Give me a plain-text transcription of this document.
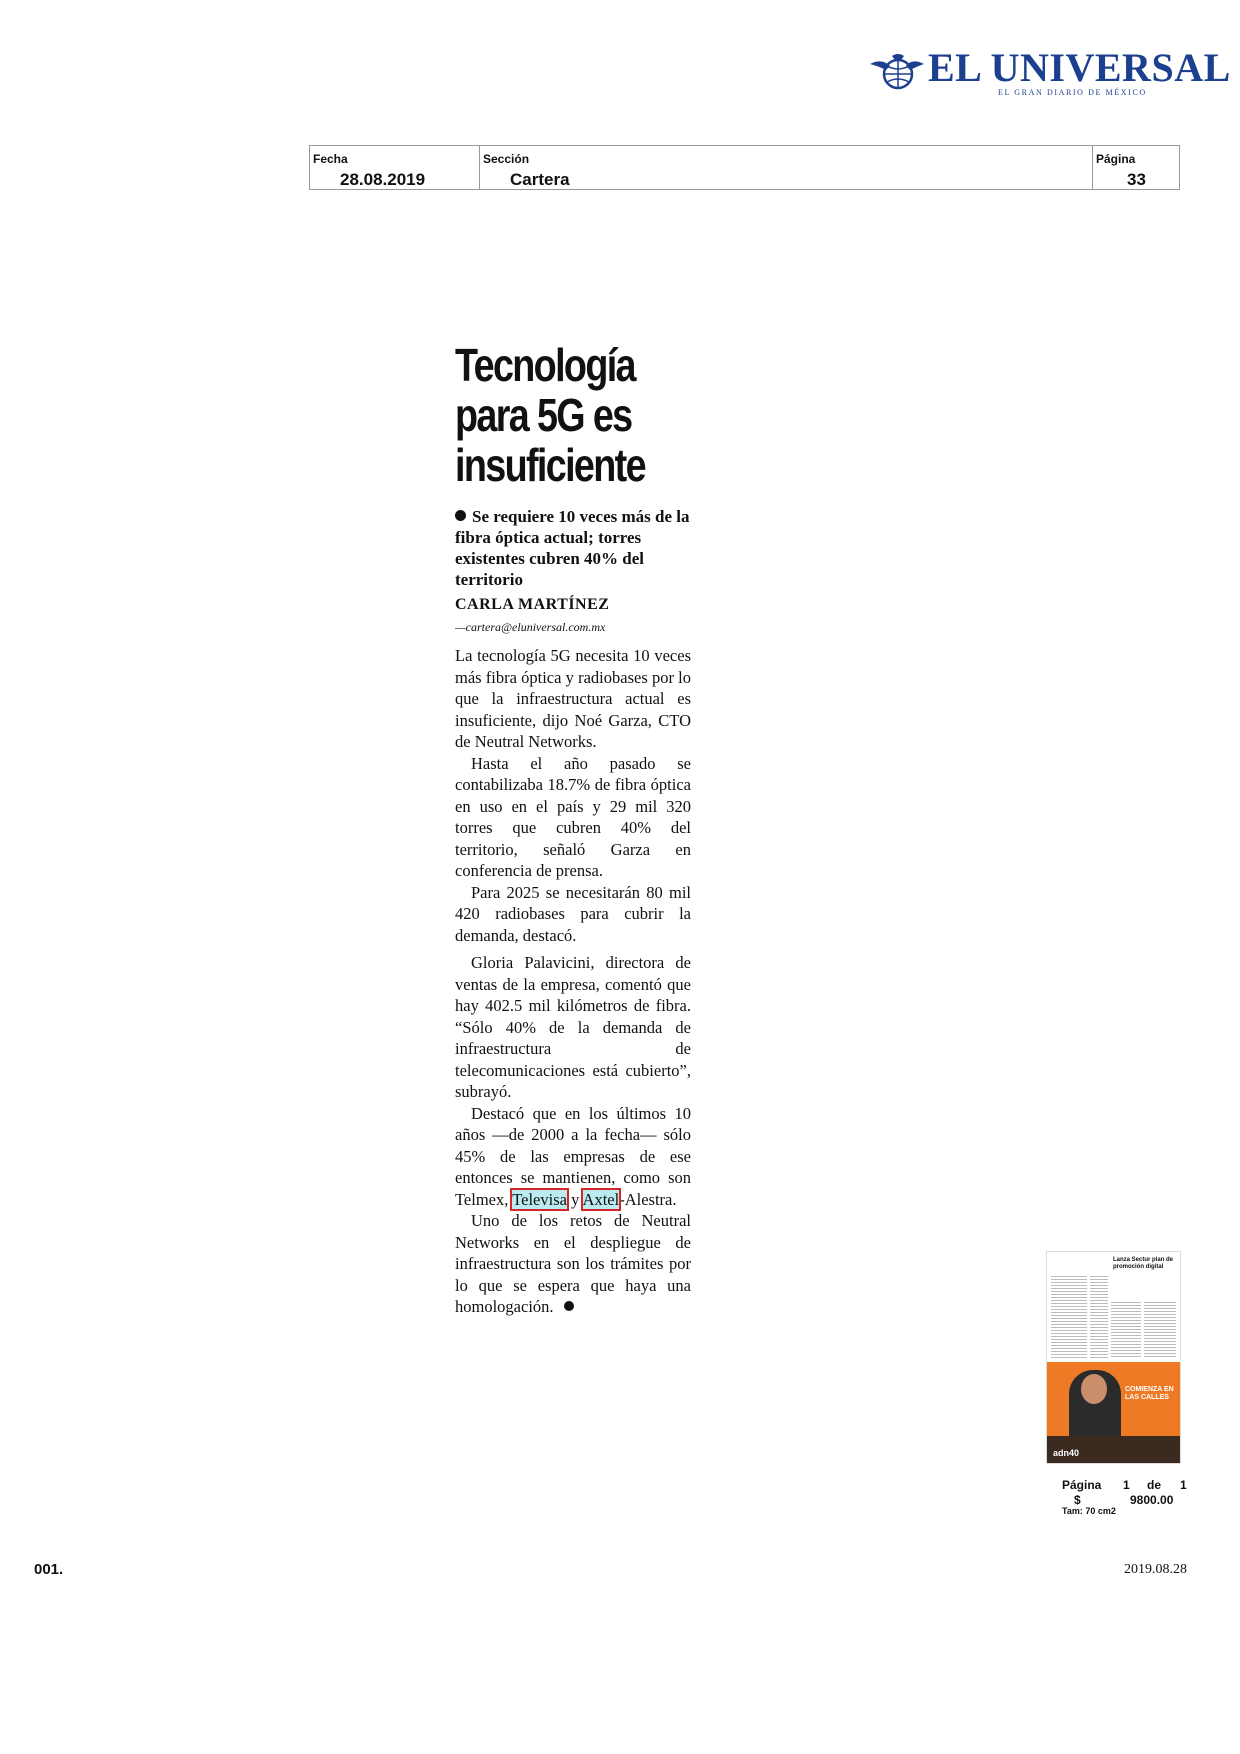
EL UNIVERSAL
EL GRAN DIARIO DE MÉXICO
Fecha
28.08.2019
Sección
Cartera
Página
33
Tecnología
para 5G es
insuficiente
Se requiere 10 veces más de la fibra óptica actual; torres existentes cubren 40% del territorio
CARLA MARTÍNEZ
—cartera@eluniversal.com.mx

La tecnología 5G necesita 10 veces más fibra óptica y radiobases por lo que la infraestructura actual es insuficiente, dijo Noé Garza, CTO de Neutral Networks.

Hasta el año pasado se contabilizaba 18.7% de fibra óptica en uso en el país y 29 mil 320 torres que cubren 40% del territorio, señaló Garza en conferencia de prensa.

Para 2025 se necesitarán 80 mil 420 radiobases para cubrir la demanda, destacó.

Gloria Palavicini, directora de ventas de la empresa, comentó que hay 402.5 mil kilómetros de fibra. “Sólo 40% de la demanda de infraestructura de telecomunicaciones está cubierto”, subrayó.

Destacó que en los últimos 10 años —de 2000 a la fecha— sólo 45% de las empresas de ese entonces se mantienen, como son Telmex, Televisa y Axtel-Alestra.

Uno de los retos de Neutral Networks en el despliegue de infraestructura son los trámites por lo que se espera que haya una homologación.

Lanza Sectur plan de promoción digital
COMIENZA EN LAS CALLES
adn40
Página 1 de 1
$	9800.00
Tam: 70 cm2
001.	2019.08.28
